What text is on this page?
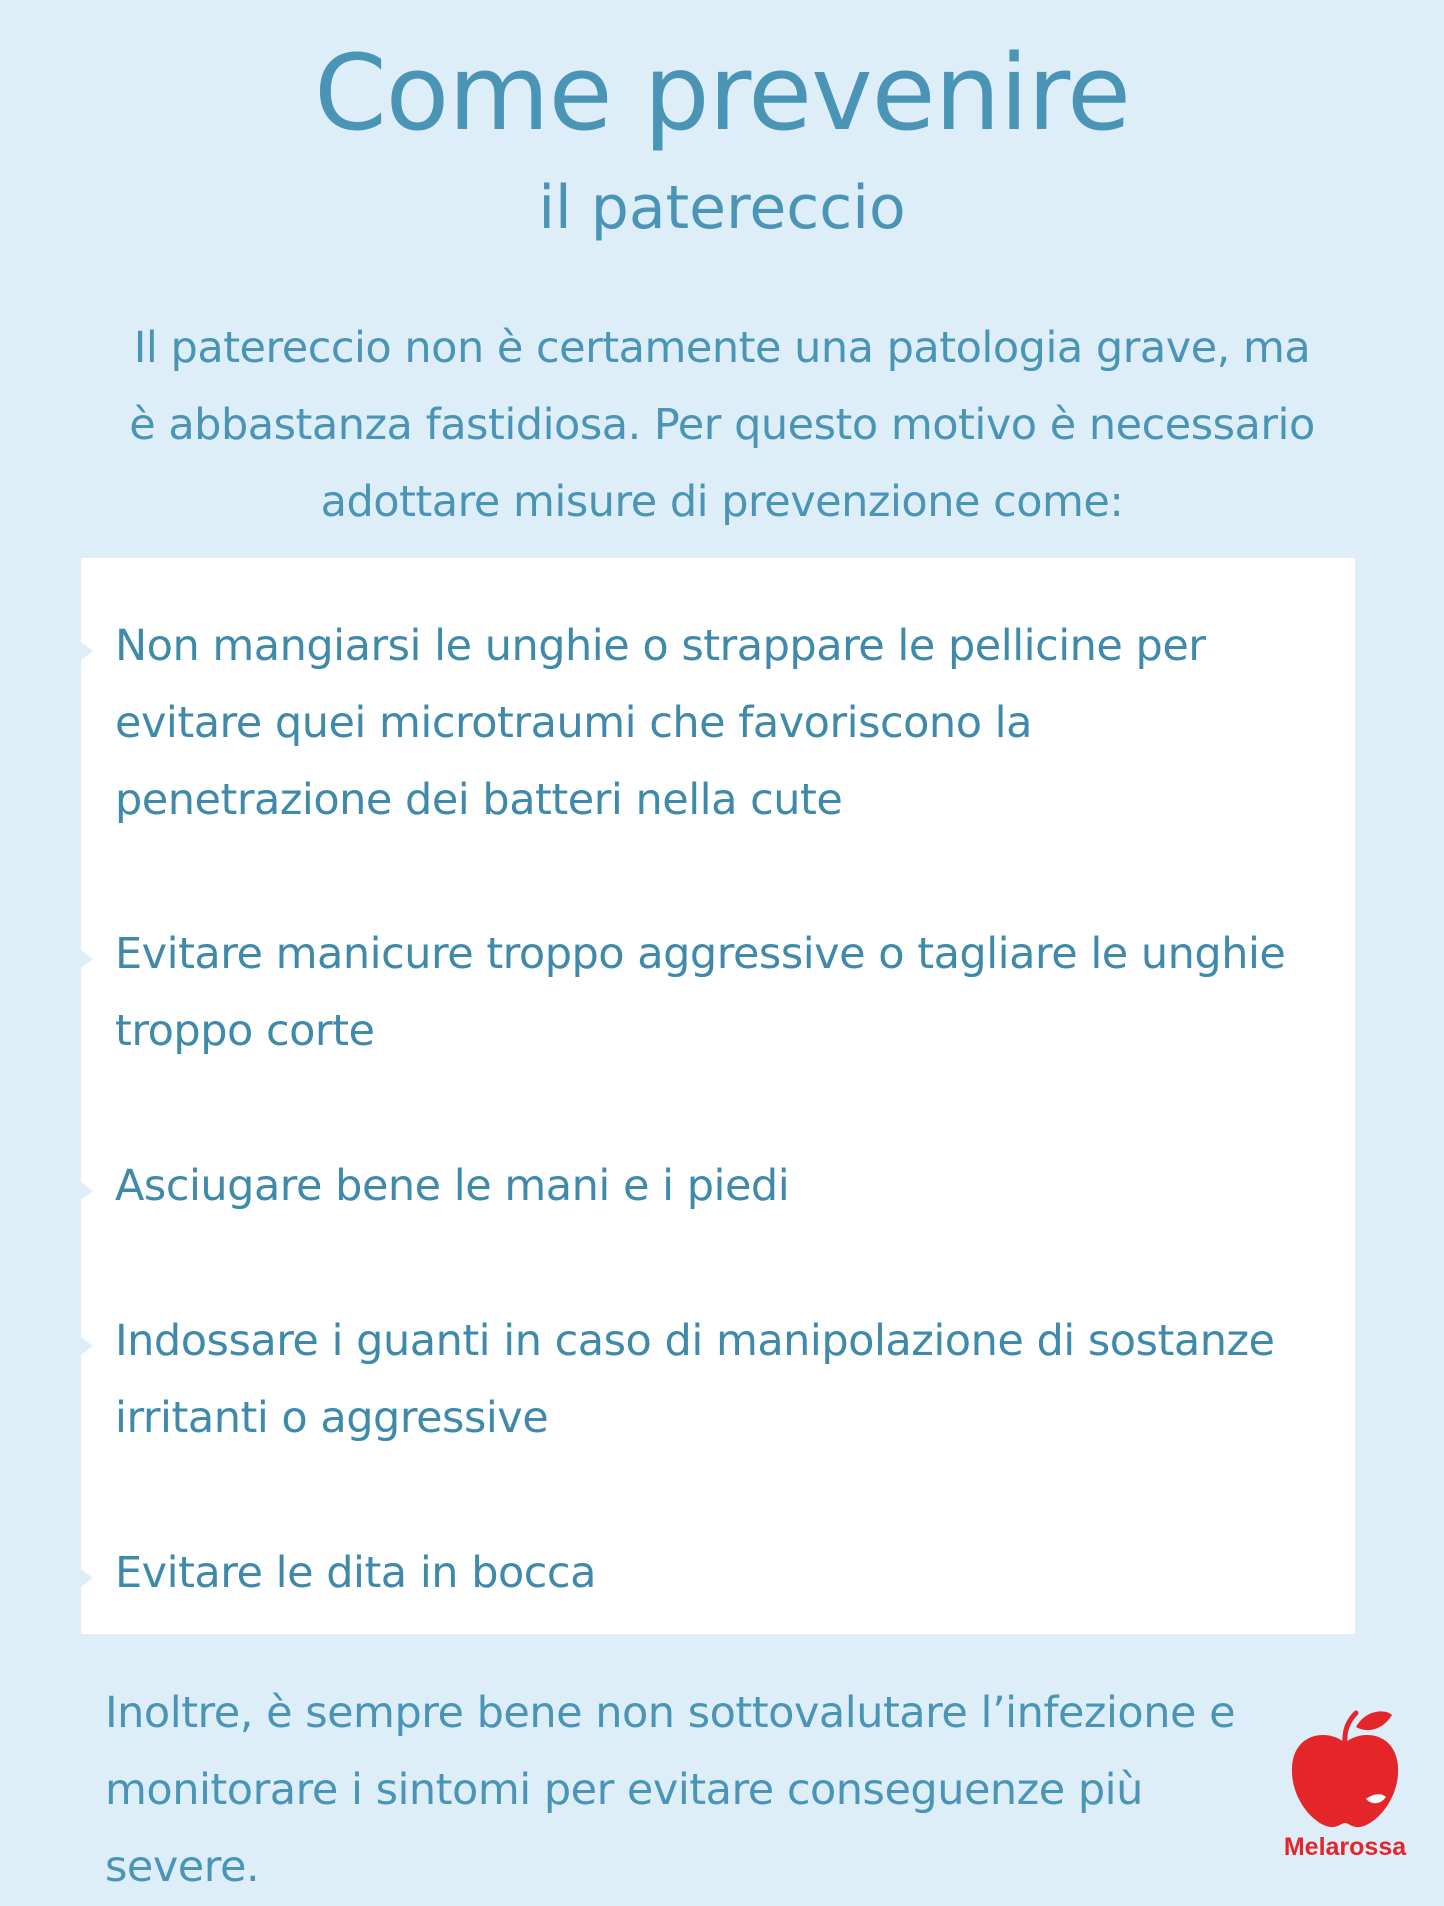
Come prevenire
il patereccio
Il patereccio non è certamente una patologia grave, ma è abbastanza fastidiosa. Per questo motivo è necessario adottare misure di prevenzione come:
Non mangiarsi le unghie o strappare le pellicine per evitare quei microtraumi che favoriscono la penetrazione dei batteri nella cute
Evitare manicure troppo aggressive o tagliare le unghie troppo corte
Asciugare bene le mani e i piedi
Indossare i guanti in caso di manipolazione di sostanze irritanti o aggressive
Evitare le dita in bocca
Inoltre, è sempre bene non sottovalutare l’infezione e monitorare i sintomi per evitare conseguenze più severe.	Melarossa
